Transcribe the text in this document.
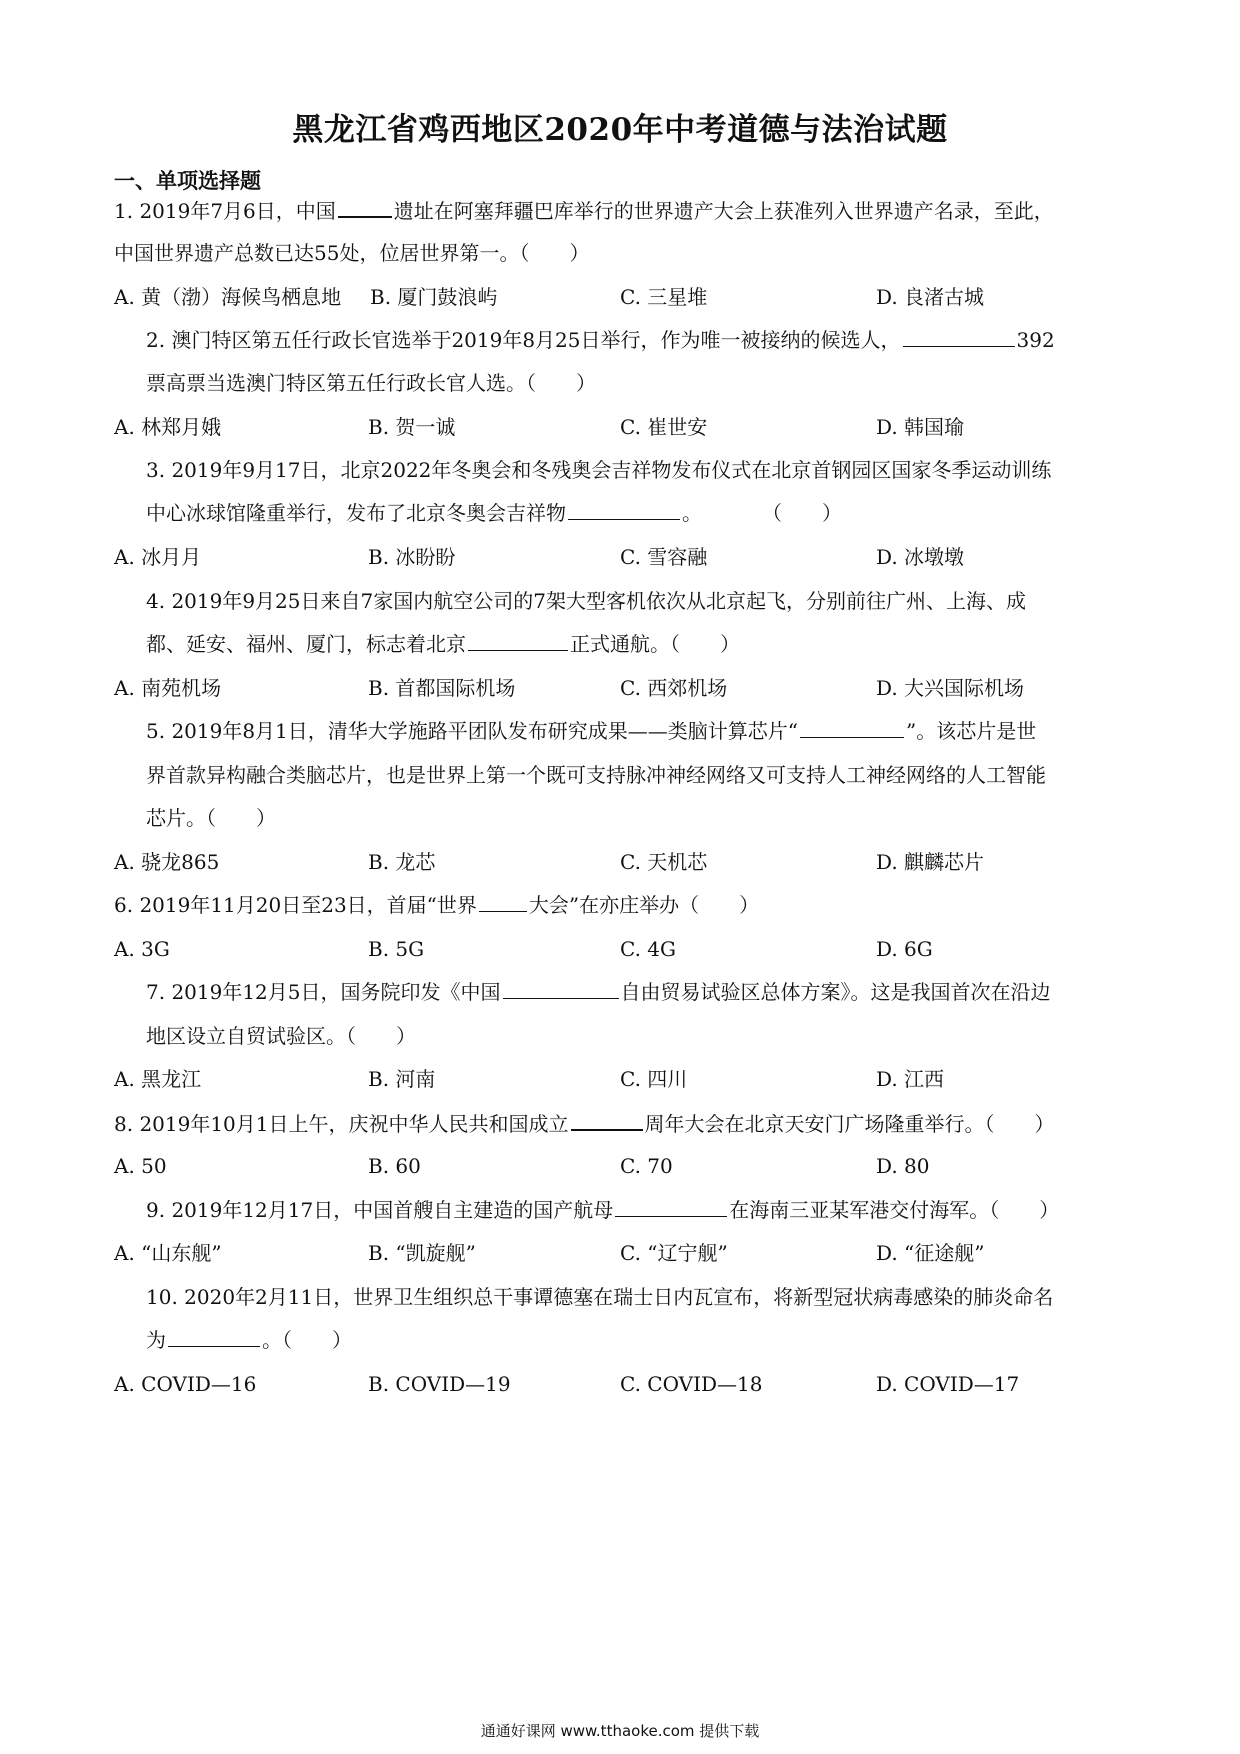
黑龙江省鸡西地区2020年中考道德与法治试题
一、单项选择题
1. 2019年7月6日，中国	遗址在阿塞拜疆巴库举行的世界遗产大会上获准列入世界遗产名录，至此，
中国世界遗产总数已达55处，位居世界第一。（　　）
A. 黄（渤）海候鸟栖息地 B. 厦门鼓浪屿	C. 三星堆	D. 良渚古城
2. 澳门特区第五任行政长官选举于2019年8月25日举行，作为唯一被接纳的候选人，	392
票高票当选澳门特区第五任行政长官人选。（　　）
A. 林郑月娥	B. 贺一诚	C. 崔世安	D. 韩国瑜
3. 2019年9月17日，北京2022年冬奥会和冬残奥会吉祥物发布仪式在北京首钢园区国家冬季运动训练
中心冰球馆隆重举行，发布了北京冬奥会吉祥物	。　　　　（　　）
A. 冰月月	B. 冰盼盼	C. 雪容融	D. 冰墩墩
4. 2019年9月25日来自7家国内航空公司的7架大型客机依次从北京起飞，分别前往广州、上海、成
都、延安、福州、厦门，标志着北京	正式通航。（　　）
A. 南苑机场	B. 首都国际机场	C. 西郊机场	D. 大兴国际机场
5. 2019年8月1日，清华大学施路平团队发布研究成果——类脑计算芯片“	”。该芯片是世
界首款异构融合类脑芯片，也是世界上第一个既可支持脉冲神经网络又可支持人工神经网络的人工智能
芯片。（　　）
A. 骁龙865	B. 龙芯	C. 天机芯	D. 麒麟芯片
6. 2019年11月20日至23日，首届“世界	大会”在亦庄举办（　　）
A. 3G	B. 5G	C. 4G	D. 6G
7. 2019年12月5日，国务院印发《中国	自由贸易试验区总体方案》。这是我国首次在沿边
地区设立自贸试验区。（　　）
A. 黑龙江	B. 河南	C. 四川	D. 江西
8. 2019年10月1日上午，庆祝中华人民共和国成立	周年大会在北京天安门广场隆重举行。（　　）
A. 50	B. 60	C. 70	D. 80
9. 2019年12月17日，中国首艘自主建造的国产航母	在海南三亚某军港交付海军。（　　）
A. “山东舰”	B. “凯旋舰”	C. “辽宁舰”	D. “征途舰”
10. 2020年2月11日，世界卫生组织总干事谭德塞在瑞士日内瓦宣布，将新型冠状病毒感染的肺炎命名
为	。（　　）
A. COVID—16	B. COVID—19	C. COVID—18	D. COVID—17
通通好课网 www.tthaoke.com 提供下载
